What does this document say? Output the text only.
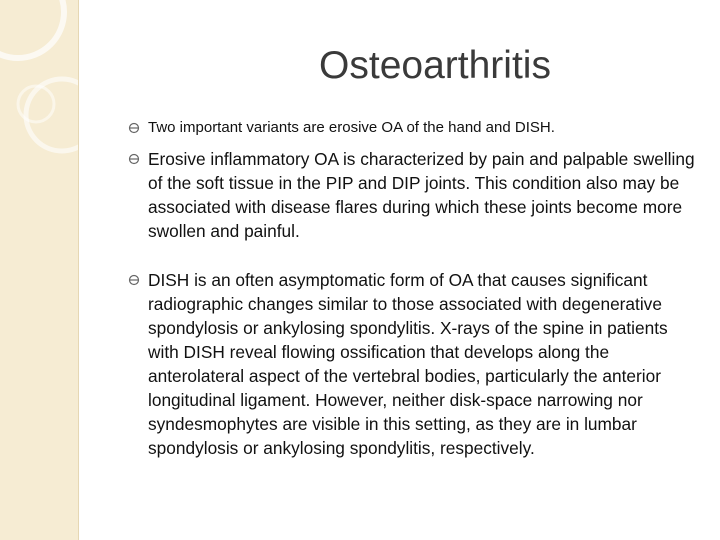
Osteoarthritis
Two important variants are erosive OA of the hand and DISH.
Erosive inflammatory OA is characterized by pain and palpable swelling of the soft tissue in the PIP and DIP joints. This condition also may be associated with disease flares during which these joints become more swollen and painful.
DISH is an often asymptomatic form of OA that causes significant radiographic changes similar to those associated with degenerative spondylosis or ankylosing spondylitis. X-rays of the spine in patients with DISH reveal flowing ossification that develops along the anterolateral aspect of the vertebral bodies, particularly the anterior longitudinal ligament. However, neither disk-space narrowing nor syndesmophytes are visible in this setting, as they are in lumbar spondylosis or ankylosing spondylitis, respectively.
